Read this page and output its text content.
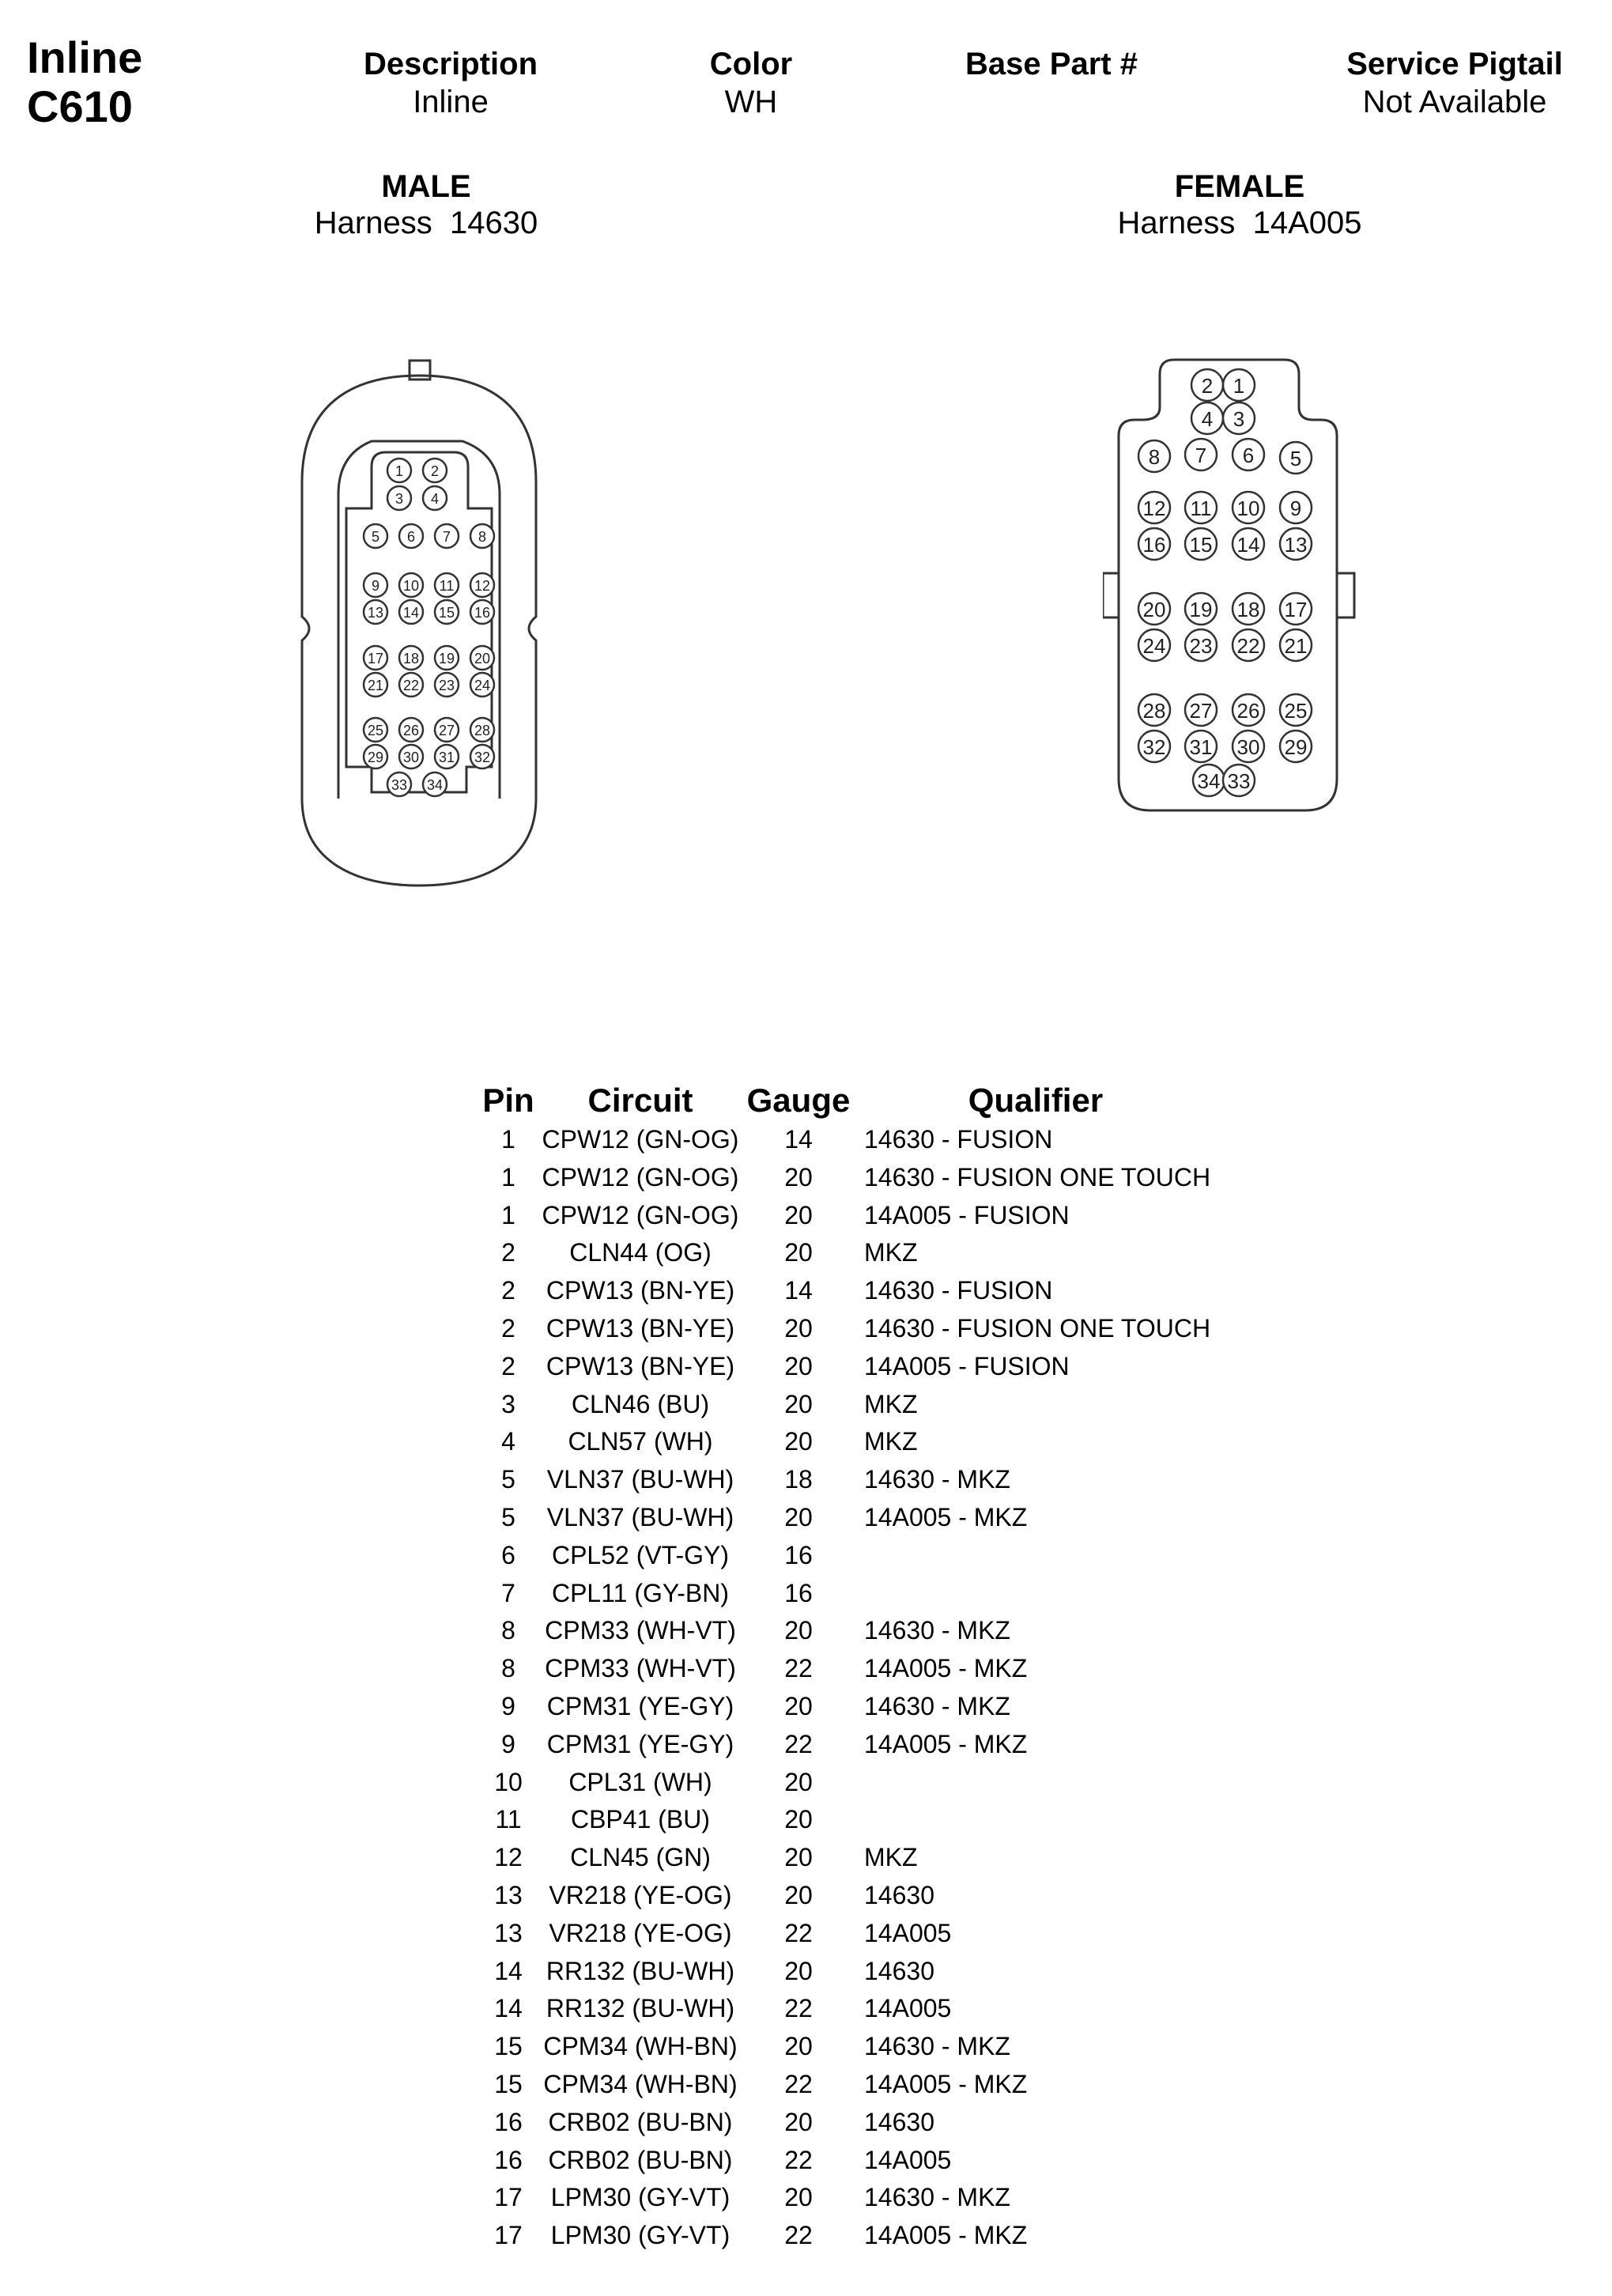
Inline
C610
Description
Inline
Color
WH
Base Part #	Service Pigtail
Not Available
MALE
Harness  14630
FEMALE
Harness  14A005
1 2
3 4
5 6 7 8
9 10 11 12
13 14 15 16
17 18 19 20
21 22 23 24
25 26 27 28
29 30 31 32
33 34
2 1
4 3
8 7 6 5
12 11 10 9
16 15 14 13
20 19 18 17
24 23 22 21
28 27 26 25
32 31 30 29
34 33
Pin	Circuit	Gauge	Qualifier
1	CPW12 (GN-OG)	14	14630 - FUSION
1	CPW12 (GN-OG)	20	14630 - FUSION ONE TOUCH
1	CPW12 (GN-OG)	20	14A005 - FUSION
2	CLN44 (OG)	20	MKZ
2	CPW13 (BN-YE)	14	14630 - FUSION
2	CPW13 (BN-YE)	20	14630 - FUSION ONE TOUCH
2	CPW13 (BN-YE)	20	14A005 - FUSION
3	CLN46 (BU)	20	MKZ
4	CLN57 (WH)	20	MKZ
5	VLN37 (BU-WH)	18	14630 - MKZ
5	VLN37 (BU-WH)	20	14A005 - MKZ
6	CPL52 (VT-GY)	16
7	CPL11 (GY-BN)	16
8	CPM33 (WH-VT)	20	14630 - MKZ
8	CPM33 (WH-VT)	22	14A005 - MKZ
9	CPM31 (YE-GY)	20	14630 - MKZ
9	CPM31 (YE-GY)	22	14A005 - MKZ
10	CPL31 (WH)	20
11	CBP41 (BU)	20
12	CLN45 (GN)	20	MKZ
13	VR218 (YE-OG)	20	14630
13	VR218 (YE-OG)	22	14A005
14 RR132 (BU-WH)	20	14630
14 RR132 (BU-WH)	22	14A005
15 CPM34 (WH-BN)	20	14630 - MKZ
15 CPM34 (WH-BN)	22	14A005 - MKZ
16	CRB02 (BU-BN)	20	14630
16	CRB02 (BU-BN)	22	14A005
17	LPM30 (GY-VT)	20	14630 - MKZ
17	LPM30 (GY-VT)	22	14A005 - MKZ
